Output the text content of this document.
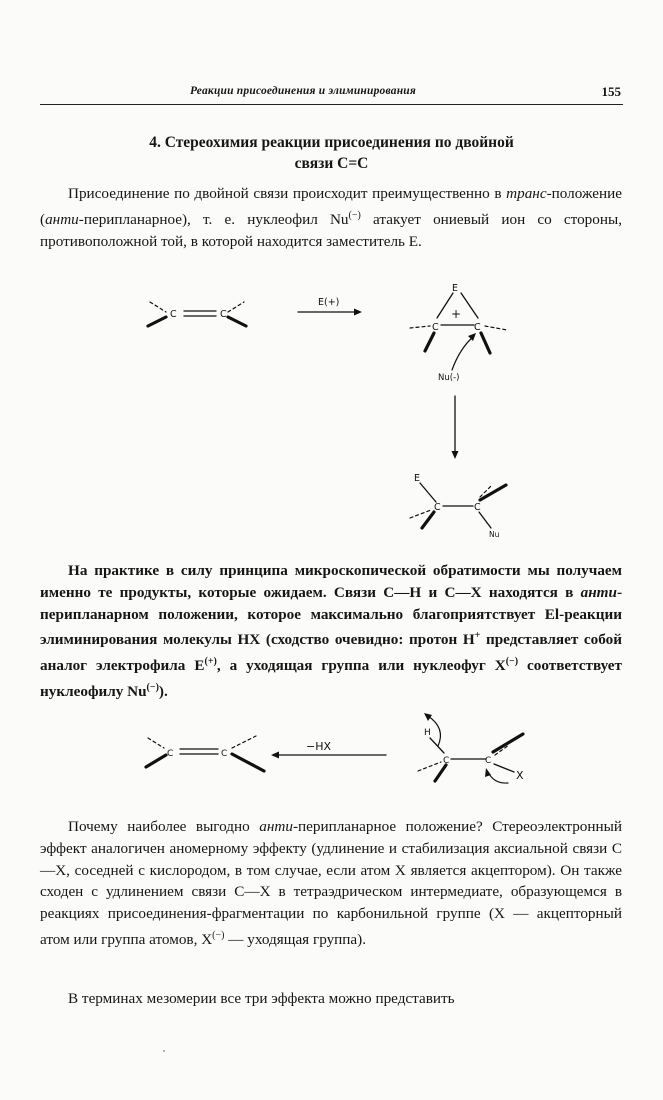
Реакции присоединения и элиминирования	155
4. Стереохимия реакции присоединения по двойной
связи C=C

Присоединение по двойной связи происходит преимущественно в транс-положение (анти-перипланарное), т. е. нуклеофил Nu(−) атакует ониевый ион со стороны, противоположной той, в которой находится заместитель E.

C	C
E(+)
E
+
C	C
Nu(-)
E
C	C
Nu

На практике в силу принципа микроскопической обратимости мы получаем именно те продукты, которые ожидаем. Связи C—H и C—X находятся в анти-перипланарном положении, которое максимально благоприятствует El-реакции элиминирования молекулы HX (сходство очевидно: протон H+ представляет собой аналог электрофила E(+), а уходящая группа или нуклеофуг X(−) соответствует нуклеофилу Nu(−)).

C	C
−HX
H
C	C
X

Почему наиболее выгодно анти-перипланарное положение? Стереоэлектронный эффект аналогичен аномерному эффекту (удлинение и стабилизация аксиальной связи C—X, соседней с кислородом, в том случае, если атом X является акцептором). Он также сходен с удлинением связи C—X в тетраэдрическом интермедиате, образующемся в реакциях присоединения-фрагментации по карбонильной группе (X — акцепторный атом или группа атомов, X(−) — уходящая группа).

В терминах мезомерии все три эффекта можно представить
